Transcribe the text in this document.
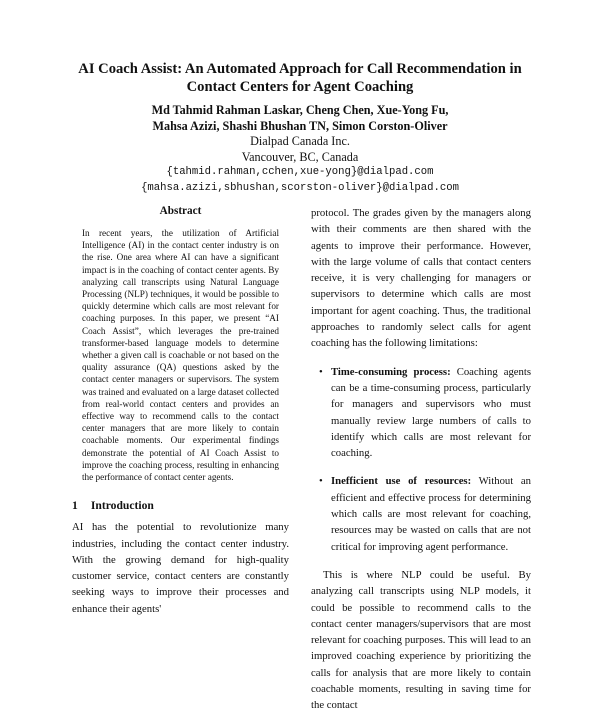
AI Coach Assist: An Automated Approach for Call Recommendation in Contact Centers for Agent Coaching
Md Tahmid Rahman Laskar, Cheng Chen, Xue-Yong Fu,
Mahsa Azizi, Shashi Bhushan TN, Simon Corston-Oliver
Dialpad Canada Inc.
Vancouver, BC, Canada
{tahmid.rahman,cchen,xue-yong}@dialpad.com
{mahsa.azizi,sbhushan,scorston-oliver}@dialpad.com
Abstract
In recent years, the utilization of Artificial Intelligence (AI) in the contact center industry is on the rise. One area where AI can have a significant impact is in the coaching of contact center agents. By analyzing call transcripts using Natural Language Processing (NLP) techniques, it would be possible to quickly determine which calls are most relevant for coaching purposes. In this paper, we present “AI Coach Assist”, which leverages the pre-trained transformer-based language models to determine whether a given call is coachable or not based on the quality assurance (QA) questions asked by the contact center managers or supervisors. The system was trained and evaluated on a large dataset collected from real-world contact centers and provides an effective way to recommend calls to the contact center managers that are more likely to contain coachable moments. Our experimental findings demonstrate the potential of AI Coach Assist to improve the coaching process, resulting in enhancing the performance of contact center agents.
1 Introduction

AI has the potential to revolutionize many industries, including the contact center industry. With the growing demand for high-quality customer service, contact centers are constantly seeking ways to improve their processes and enhance their agents'

protocol. The grades given by the managers along with their comments are then shared with the agents to improve their performance. However, with the large volume of calls that contact centers receive, it is very challenging for managers or supervisors to determine which calls are most important for agent coaching. Thus, the traditional approaches to randomly select calls for agent coaching has the following limitations:

• Time-consuming process: Coaching agents can be a time-consuming process, particularly for managers and supervisors who must manually review large numbers of calls to identify which calls are most relevant for coaching.
• Inefficient use of resources: Without an efficient and effective process for determining which calls are most relevant for coaching, resources may be wasted on calls that are not critical for improving agent performance.

This is where NLP could be useful. By analyzing call transcripts using NLP models, it could be possible to recommend calls to the contact center managers/supervisors that are most relevant for coaching purposes. This will lead to an improved coaching experience by prioritizing the calls for analysis that are more likely to contain coachable moments, resulting in saving time for the contact
